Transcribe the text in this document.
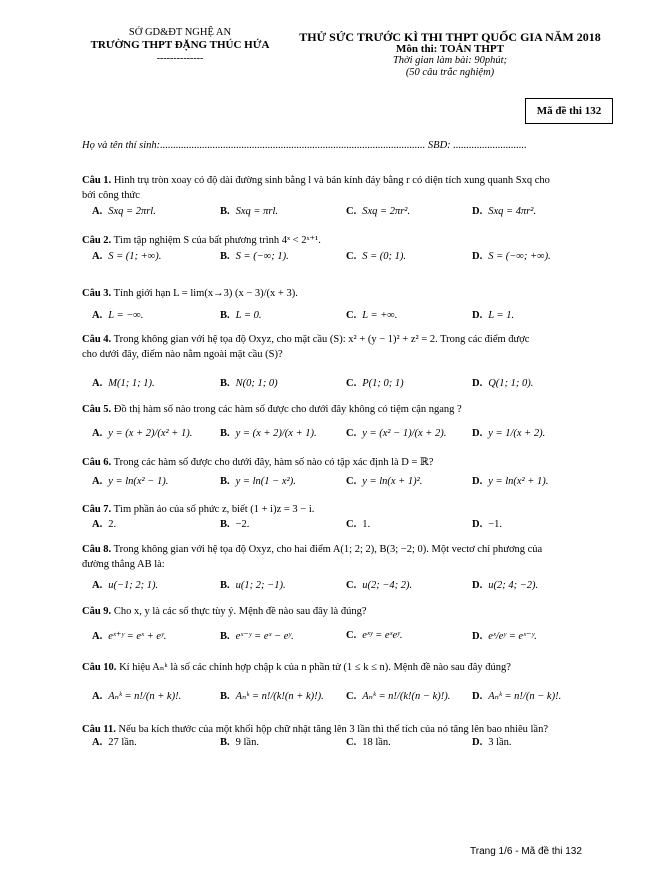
SỞ GD&ĐT NGHỆ AN
TRƯỜNG THPT ĐẶNG THÚC HỨA
--------------
THỬ SỨC TRƯỚC KÌ THI THPT QUỐC GIA NĂM 2018
Môn thi: TOÁN THPT
Thời gian làm bài: 90phút;
(50 câu trắc nghiệm)
Mã đề thi 132
Họ và tên thí sinh:..................................................................................................... SBD: ............................
Câu 1. Hình trụ tròn xoay có độ dài đường sinh bằng l và bán kính đáy bằng r có diện tích xung quanh Sxq cho
bởi công thức
A. Sxq = 2πrl.	B. Sxq = πrl.	C. Sxq = 2πr².	D. Sxq = 4πr².
Câu 2. Tìm tập nghiệm S của bất phương trình 4ˣ < 2ˣ⁺¹.
A. S = (1; +∞).	B. S = (−∞; 1).	C. S = (0; 1).	D. S = (−∞; +∞).
Câu 3. Tính giới hạn L = lim(x→3) (x − 3)/(x + 3).
A. L = −∞.	B. L = 0.	C. L = +∞.	D. L = 1.
Câu 4. Trong không gian với hệ tọa độ Oxyz, cho mặt cầu (S): x² + (y − 1)² + z² = 2. Trong các điểm được
cho dưới đây, điểm nào nằm ngoài mặt cầu (S)?
A. M(1; 1; 1).	B. N(0; 1; 0)	C. P(1; 0; 1)	D. Q(1; 1; 0).
Câu 5. Đồ thị hàm số nào trong các hàm số được cho dưới đây không có tiệm cận ngang ?
A. y = (x + 2)/(x² + 1).	B. y = (x + 2)/(x + 1).	C. y = (x² − 1)/(x + 2). D. y = 1/(x + 2).
Câu 6. Trong các hàm số được cho dưới đây, hàm số nào có tập xác định là D = ℝ?
A. y = ln(x² − 1).	B. y = ln(1 − x²).	C. y = ln(x + 1)².	D. y = ln(x² + 1).
Câu 7. Tìm phần ảo của số phức z, biết (1 + i)z = 3 − i.
A. 2.	B. −2.	C. 1.	D. −1.
Câu 8. Trong không gian với hệ tọa độ Oxyz, cho hai điểm A(1; 2; 2), B(3; −2; 0). Một vectơ chỉ phương của
đường thẳng AB là:
A. u(−1; 2; 1).	B. u(1; 2; −1).	C. u(2; −4; 2).	D. u(2; 4; −2).
Câu 9. Cho x, y là các số thực tùy ý. Mệnh đề nào sau đây là đúng?
A. eˣ⁺ʸ = eˣ + eʸ.	B. eˣ⁻ʸ = eˣ − eʸ.	C. eˣʸ = eˣeʸ.	D. eˣ/eʸ = eˣ⁻ʸ.
Câu 10. Kí hiệu Aₙᵏ là số các chỉnh hợp chập k của n phần tử (1 ≤ k ≤ n). Mệnh đề nào sau đây đúng?
A. Aₙᵏ = n!/(n + k)!.	B. Aₙᵏ = n!/(k!(n + k)!). C. Aₙᵏ = n!/(k!(n − k)!). D. Aₙᵏ = n!/(n − k)!.
Câu 11. Nếu ba kích thước của một khối hộp chữ nhật tăng lên 3 lần thì thể tích của nó tăng lên bao nhiêu lần?
A. 27 lần.	B. 9 lần.	C. 18 lần.	D. 3 lần.
Trang 1/6 - Mã đề thi 132
